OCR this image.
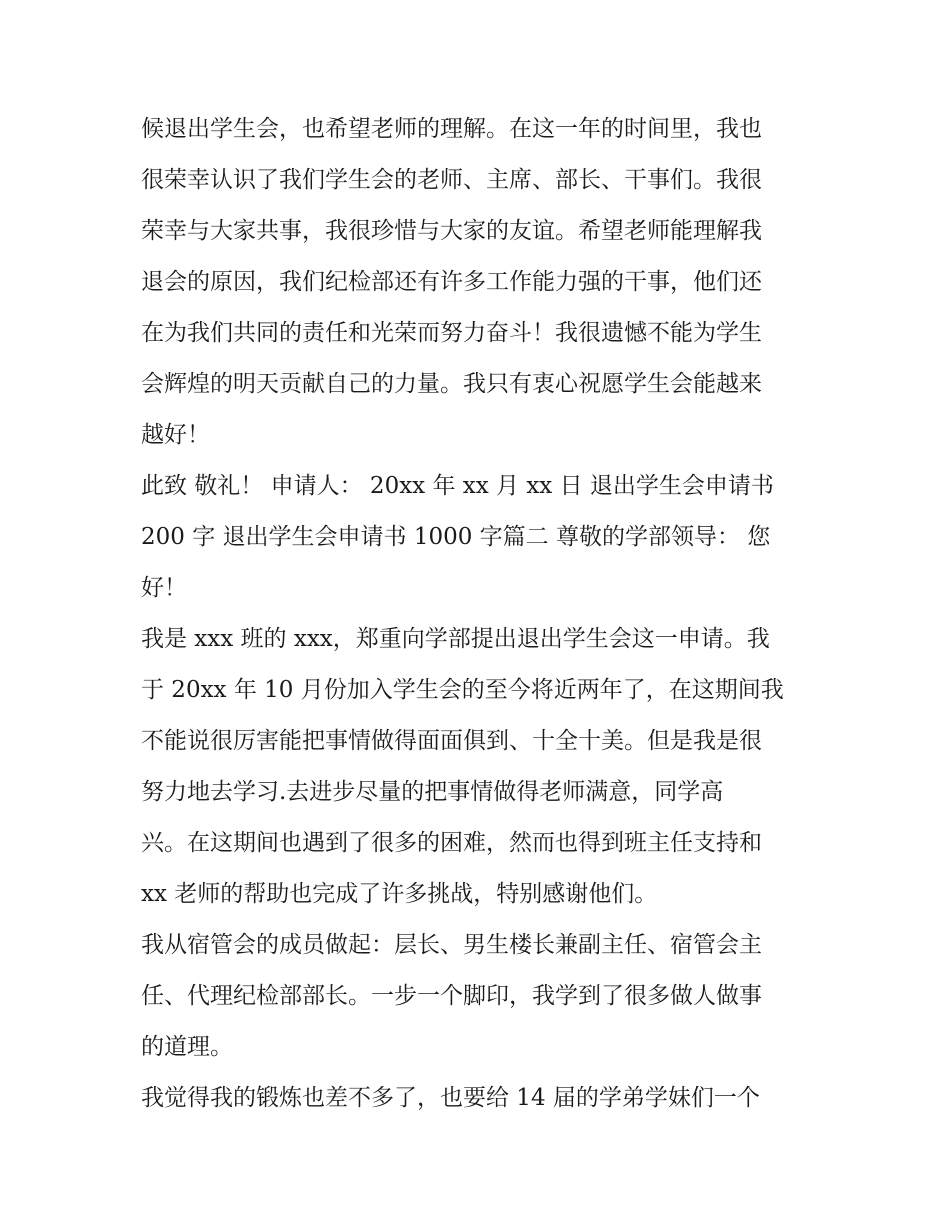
候退出学生会，也希望老师的理解。在这一年的时间里，我也
很荣幸认识了我们学生会的老师、主席、部长、干事们。我很
荣幸与大家共事，我很珍惜与大家的友谊。希望老师能理解我
退会的原因，我们纪检部还有许多工作能力强的干事，他们还
在为我们共同的责任和光荣而努力奋斗！我很遗憾不能为学生
会辉煌的明天贡献自己的力量。我只有衷心祝愿学生会能越来
越好！
此致 敬礼！ 申请人： 20xx 年 xx 月 xx 日 退出学生会申请书
200 字 退出学生会申请书 1000 字篇二 尊敬的学部领导： 您
好！
我是 xxx 班的 xxx，郑重向学部提出退出学生会这一申请。我
于 20xx 年 10 月份加入学生会的至今将近两年了，在这期间我
不能说很厉害能把事情做得面面俱到、十全十美。但是我是很
努力地去学习.去进步尽量的把事情做得老师满意，同学高
兴。在这期间也遇到了很多的困难，然而也得到班主任支持和
xx 老师的帮助也完成了许多挑战，特别感谢他们。
我从宿管会的成员做起：层长、男生楼长兼副主任、宿管会主
任、代理纪检部部长。一步一个脚印，我学到了很多做人做事
的道理。
我觉得我的锻炼也差不多了，也要给 14 届的学弟学妹们一个
